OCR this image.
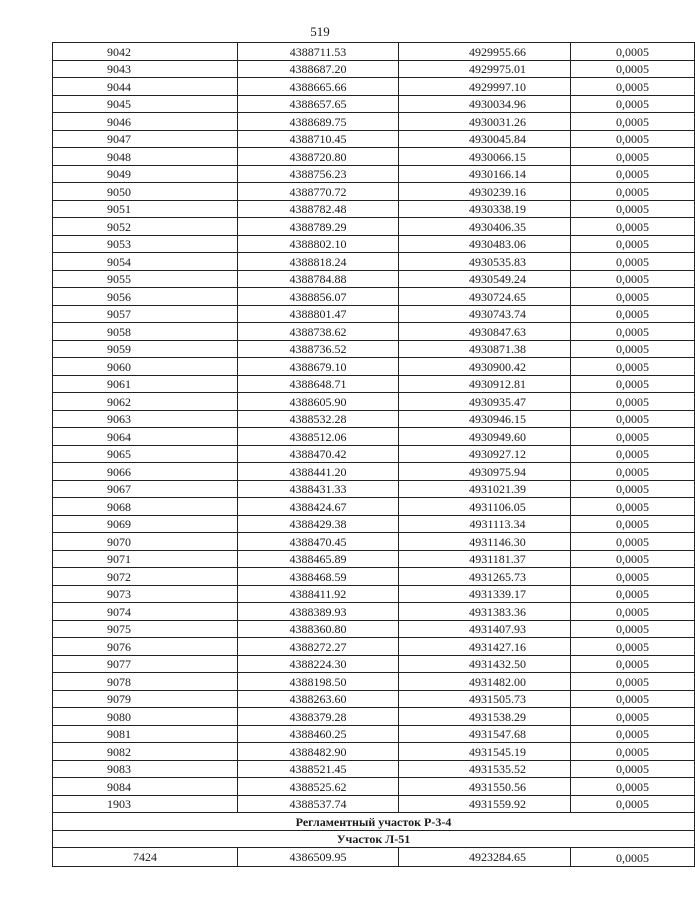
519
9042	4388711.53	4929955.66	0,0005
9043	4388687.20	4929975.01	0,0005
9044	4388665.66	4929997.10	0,0005
9045	4388657.65	4930034.96	0,0005
9046	4388689.75	4930031.26	0,0005
9047	4388710.45	4930045.84	0,0005
9048	4388720.80	4930066.15	0,0005
9049	4388756.23	4930166.14	0,0005
9050	4388770.72	4930239.16	0,0005
9051	4388782.48	4930338.19	0,0005
9052	4388789.29	4930406.35	0,0005
9053	4388802.10	4930483.06	0,0005
9054	4388818.24	4930535.83	0,0005
9055	4388784.88	4930549.24	0,0005
9056	4388856.07	4930724.65	0,0005
9057	4388801.47	4930743.74	0,0005
9058	4388738.62	4930847.63	0,0005
9059	4388736.52	4930871.38	0,0005
9060	4388679.10	4930900.42	0,0005
9061	4388648.71	4930912.81	0,0005
9062	4388605.90	4930935.47	0,0005
9063	4388532.28	4930946.15	0,0005
9064	4388512.06	4930949.60	0,0005
9065	4388470.42	4930927.12	0,0005
9066	4388441.20	4930975.94	0,0005
9067	4388431.33	4931021.39	0,0005
9068	4388424.67	4931106.05	0,0005
9069	4388429.38	4931113.34	0,0005
9070	4388470.45	4931146.30	0,0005
9071	4388465.89	4931181.37	0,0005
9072	4388468.59	4931265.73	0,0005
9073	4388411.92	4931339.17	0,0005
9074	4388389.93	4931383.36	0,0005
9075	4388360.80	4931407.93	0,0005
9076	4388272.27	4931427.16	0,0005
9077	4388224.30	4931432.50	0,0005
9078	4388198.50	4931482.00	0,0005
9079	4388263.60	4931505.73	0,0005
9080	4388379.28	4931538.29	0,0005
9081	4388460.25	4931547.68	0,0005
9082	4388482.90	4931545.19	0,0005
9083	4388521.45	4931535.52	0,0005
9084	4388525.62	4931550.56	0,0005
1903	4388537.74	4931559.92	0,0005
Регламентный участок Р-3-4			
Участок Л-51			
7424	4386509.95	4923284.65	0,0005
